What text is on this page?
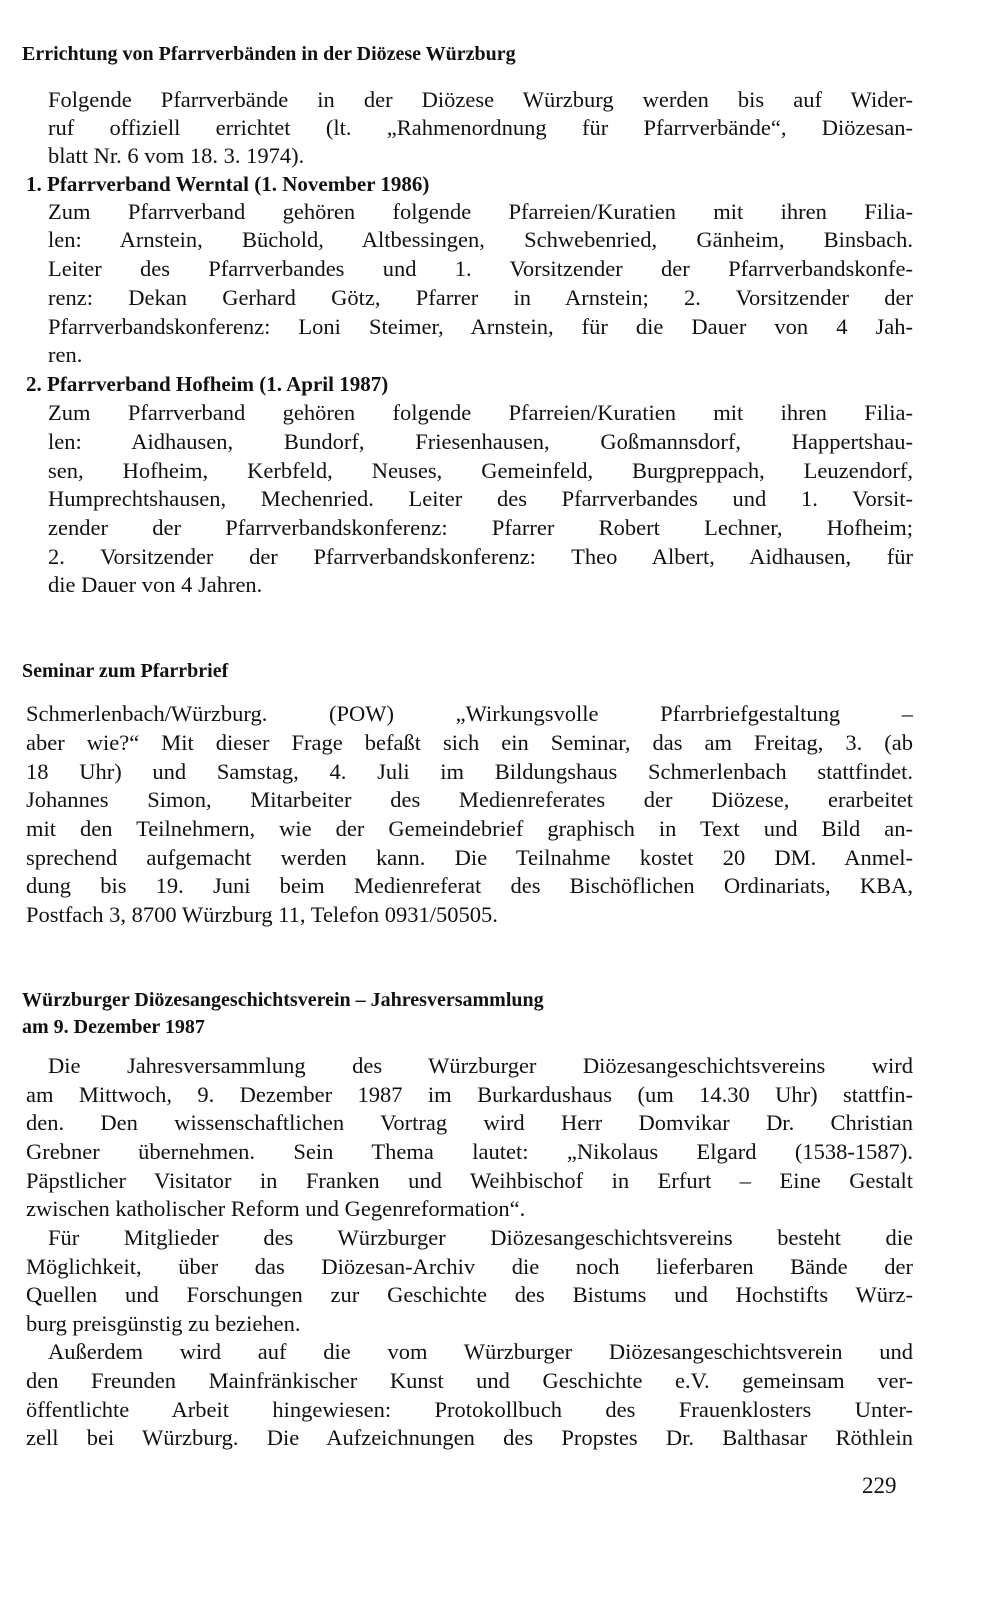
Errichtung von Pfarrverbänden in der Diözese Würzburg

Folgende Pfarrverbände in der Diözese Würzburg werden bis auf Wider-

ruf offiziell errichtet (lt. „Rahmenordnung für Pfarrverbände“, Diözesan-

blatt Nr. 6 vom 18. 3. 1974).

1. Pfarrverband Werntal (1. November 1986)

Zum Pfarrverband gehören folgende Pfarreien/Kuratien mit ihren Filia-

len: Arnstein, Büchold, Altbessingen, Schwebenried, Gänheim, Binsbach.

Leiter des Pfarrverbandes und 1. Vorsitzender der Pfarrverbandskonfe-

renz: Dekan Gerhard Götz, Pfarrer in Arnstein; 2. Vorsitzender der

Pfarrverbandskonferenz: Loni Steimer, Arnstein, für die Dauer von 4 Jah-

ren.

2. Pfarrverband Hofheim (1. April 1987)

Zum Pfarrverband gehören folgende Pfarreien/Kuratien mit ihren Filia-

len: Aidhausen, Bundorf, Friesenhausen, Goßmannsdorf, Happertshau-

sen, Hofheim, Kerbfeld, Neuses, Gemeinfeld, Burgpreppach, Leuzendorf,

Humprechtshausen, Mechenried. Leiter des Pfarrverbandes und 1. Vorsit-

zender der Pfarrverbandskonferenz: Pfarrer Robert Lechner, Hofheim;

2. Vorsitzender der Pfarrverbandskonferenz: Theo Albert, Aidhausen, für

die Dauer von 4 Jahren.

Seminar zum Pfarrbrief

Schmerlenbach/Würzburg. (POW) „Wirkungsvolle Pfarrbriefgestaltung –

aber wie?“ Mit dieser Frage befaßt sich ein Seminar, das am Freitag, 3. (ab

18 Uhr) und Samstag, 4. Juli im Bildungshaus Schmerlenbach stattfindet.

Johannes Simon, Mitarbeiter des Medienreferates der Diözese, erarbeitet

mit den Teilnehmern, wie der Gemeindebrief graphisch in Text und Bild an-

sprechend aufgemacht werden kann. Die Teilnahme kostet 20 DM. Anmel-

dung bis 19. Juni beim Medienreferat des Bischöflichen Ordinariats, KBA,

Postfach 3, 8700 Würzburg 11, Telefon 0931/50505.

Würzburger Diözesangeschichtsverein – Jahresversammlung
am 9. Dezember 1987

Die Jahresversammlung des Würzburger Diözesangeschichtsvereins wird

am Mittwoch, 9. Dezember 1987 im Burkardushaus (um 14.30 Uhr) stattfin-

den. Den wissenschaftlichen Vortrag wird Herr Domvikar Dr. Christian

Grebner übernehmen. Sein Thema lautet: „Nikolaus Elgard (1538-1587).

Päpstlicher Visitator in Franken und Weihbischof in Erfurt – Eine Gestalt

zwischen katholischer Reform und Gegenreformation“.

Für Mitglieder des Würzburger Diözesangeschichtsvereins besteht die

Möglichkeit, über das Diözesan-Archiv die noch lieferbaren Bände der

Quellen und Forschungen zur Geschichte des Bistums und Hochstifts Würz-

burg preisgünstig zu beziehen.

Außerdem wird auf die vom Würzburger Diözesangeschichtsverein und

den Freunden Mainfränkischer Kunst und Geschichte e.V. gemeinsam ver-

öffentlichte Arbeit hingewiesen: Protokollbuch des Frauenklosters Unter-

zell bei Würzburg. Die Aufzeichnungen des Propstes Dr. Balthasar Röthlein

229
